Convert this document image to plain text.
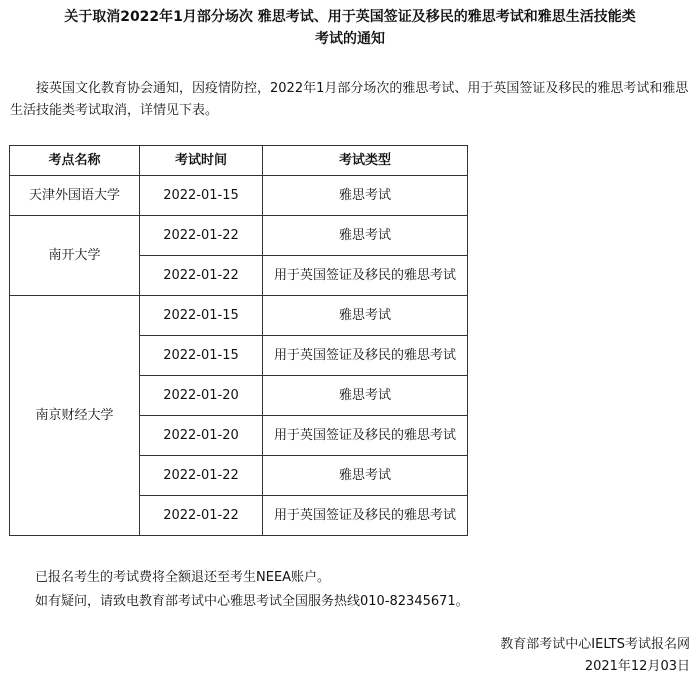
关于取消2022年1月部分场次 雅思考试、用于英国签证及移民的雅思考试和雅思生活技能类
考试的通知

接英国文化教育协会通知，因疫情防控，2022年1月部分场次的雅思考试、用于英国签证及移民的雅思考试和雅思生活技能类考试取消，详情见下表。

考点名称	考试时间	考试类型
天津外国语大学	2022-01-15	雅思考试
南开大学	2022-01-22	雅思考试
	2022-01-22	用于英国签证及移民的雅思考试
南京财经大学	2022-01-15	雅思考试
	2022-01-15	用于英国签证及移民的雅思考试
	2022-01-20	雅思考试
	2022-01-20	用于英国签证及移民的雅思考试
	2022-01-22	雅思考试
	2022-01-22	用于英国签证及移民的雅思考试

已报名考生的考试费将全额退还至考生NEEA账户。

如有疑问，请致电教育部考试中心雅思考试全国服务热线010-82345671。

教育部考试中心IELTS考试报名网

2021年12月03日
